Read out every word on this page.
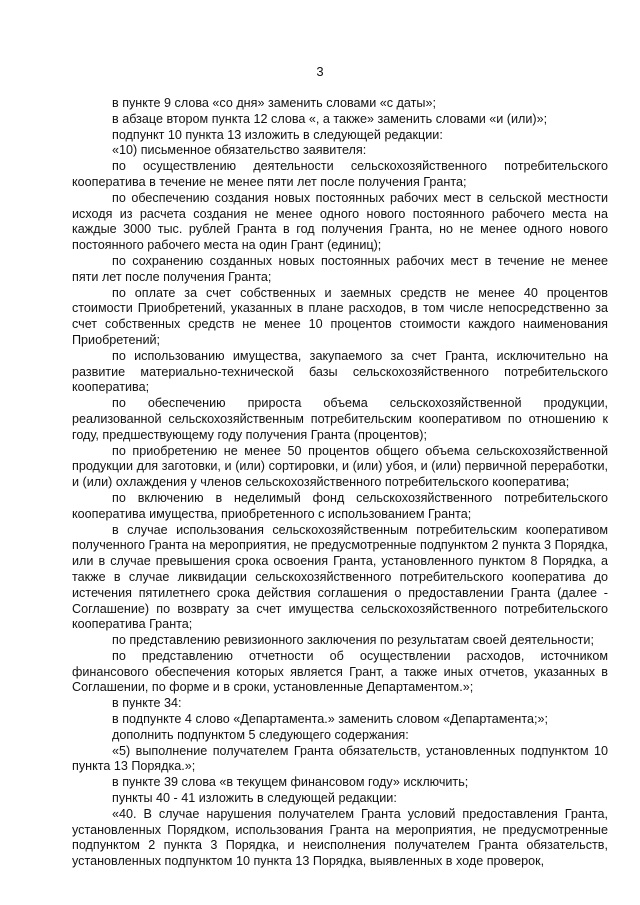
3

в пункте 9 слова «со дня» заменить словами «с даты»;

в абзаце втором пункта 12 слова «, а также» заменить словами «и (или)»;

подпункт 10 пункта 13 изложить в следующей редакции:

«10) письменное обязательство заявителя:

по осуществлению деятельности сельскохозяйственного потребительского кооператива в течение не менее пяти лет после получения Гранта;

по обеспечению создания новых постоянных рабочих мест в сельской местности исходя из расчета создания не менее одного нового постоянного рабочего места на каждые 3000 тыс. рублей Гранта в год получения Гранта, но не менее одного нового постоянного рабочего места на один Грант (единиц);

по сохранению созданных новых постоянных рабочих мест в течение не менее пяти лет после получения Гранта;

по оплате за счет собственных и заемных средств не менее 40 процентов стоимости Приобретений, указанных в плане расходов, в том числе непосредственно за счет собственных средств не менее 10 процентов стоимости каждого наименования Приобретений;

по использованию имущества, закупаемого за счет Гранта, исключительно на развитие материально-технической базы сельскохозяйственного потребительского кооператива;

по обеспечению прироста объема сельскохозяйственной продукции, реализованной сельскохозяйственным потребительским кооперативом по отношению к году, предшествующему году получения Гранта (процентов);

по приобретению не менее 50 процентов общего объема сельскохозяйственной продукции для заготовки, и (или) сортировки, и (или) убоя, и (или) первичной переработки, и (или) охлаждения у членов сельскохозяйственного потребительского кооператива;

по включению в неделимый фонд сельскохозяйственного потребительского кооператива имущества, приобретенного с использованием Гранта;

в случае использования сельскохозяйственным потребительским кооперативом полученного Гранта на мероприятия, не предусмотренные подпунктом 2 пункта 3 Порядка, или в случае превышения срока освоения Гранта, установленного пунктом 8 Порядка, а также в случае ликвидации сельскохозяйственного потребительского кооператива до истечения пятилетнего срока действия соглашения о предоставлении Гранта (далее - Соглашение) по возврату за счет имущества сельскохозяйственного потребительского кооператива Гранта;

по представлению ревизионного заключения по результатам своей деятельности;

по представлению отчетности об осуществлении расходов, источником финансового обеспечения которых является Грант, а также иных отчетов, указанных в Соглашении, по форме и в сроки, установленные Департаментом.»;

в пункте 34:

в подпункте 4 слово «Департамента.» заменить словом «Департамента;»;

дополнить подпунктом 5 следующего содержания:

«5) выполнение получателем Гранта обязательств, установленных подпунктом 10 пункта 13 Порядка.»;

в пункте 39 слова «в текущем финансовом году» исключить;

пункты 40 - 41 изложить в следующей редакции:

«40. В случае нарушения получателем Гранта условий предоставления Гранта, установленных Порядком, использования Гранта на мероприятия, не предусмотренные подпунктом 2 пункта 3 Порядка, и неисполнения получателем Гранта обязательств, установленных подпунктом 10 пункта 13 Порядка, выявленных в ходе проверок,
